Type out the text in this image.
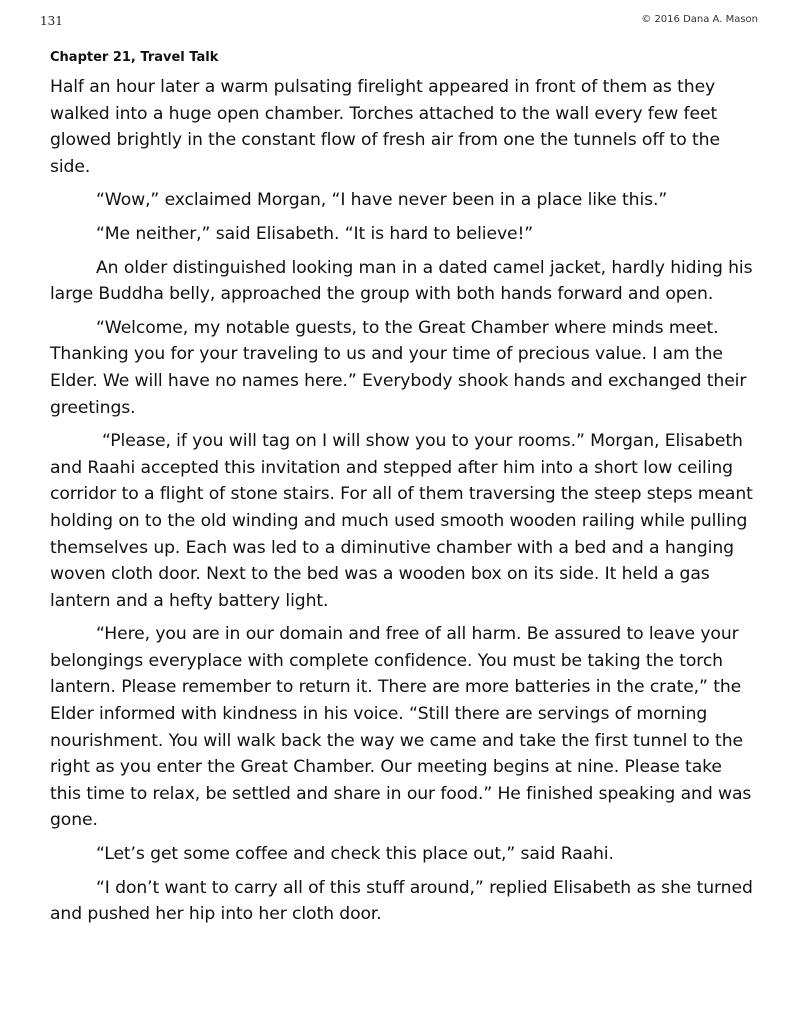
131	© 2016 Dana A. Mason
Chapter 21, Travel Talk

Half an hour later a warm pulsating firelight appeared in front of them as they walked into a huge open chamber. Torches attached to the wall every few feet glowed brightly in the constant flow of fresh air from one the tunnels off to the side.

“Wow,” exclaimed Morgan, “I have never been in a place like this.”

“Me neither,” said Elisabeth. “It is hard to believe!”

An older distinguished looking man in a dated camel jacket, hardly hiding his large Buddha belly, approached the group with both hands forward and open.

“Welcome, my notable guests, to the Great Chamber where minds meet. Thanking you for your traveling to us and your time of precious value. I am the Elder. We will have no names here.” Everybody shook hands and exchanged their greetings.

“Please, if you will tag on I will show you to your rooms.” Morgan, Elisabeth and Raahi accepted this invitation and stepped after him into a short low ceiling corridor to a flight of stone stairs. For all of them traversing the steep steps meant holding on to the old winding and much used smooth wooden railing while pulling themselves up. Each was led to a diminutive chamber with a bed and a hanging woven cloth door. Next to the bed was a wooden box on its side. It held a gas lantern and a hefty battery light.

“Here, you are in our domain and free of all harm. Be assured to leave your belongings everyplace with complete confidence. You must be taking the torch lantern. Please remember to return it. There are more batteries in the crate,” the Elder informed with kindness in his voice. “Still there are servings of morning nourishment. You will walk back the way we came and take the first tunnel to the right as you enter the Great Chamber. Our meeting begins at nine. Please take this time to relax, be settled and share in our food.” He finished speaking and was gone.

“Let’s get some coffee and check this place out,” said Raahi.

“I don’t want to carry all of this stuff around,” replied Elisabeth as she turned and pushed her hip into her cloth door.
